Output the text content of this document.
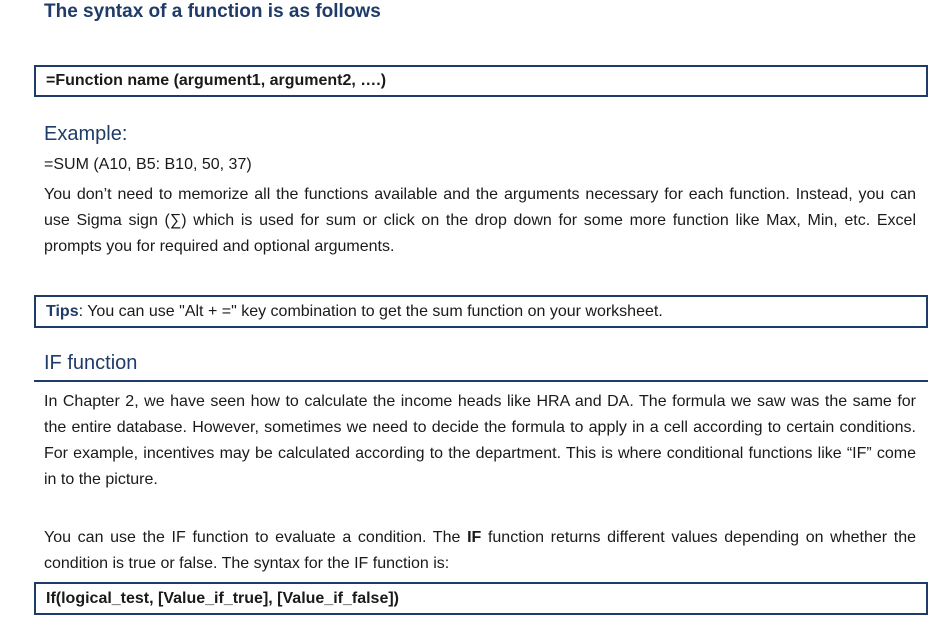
The syntax of a function is as follows
=Function name (argument1, argument2, ….)
Example:
=SUM (A10, B5: B10, 50, 37)
You don’t need to memorize all the functions available and the arguments necessary for each function. Instead, you can use Sigma sign (∑) which is used for sum or click on the drop down for some more function like Max, Min, etc. Excel prompts you for required and optional arguments.
Tips : You can use "Alt + =" key combination to get the sum function on your worksheet.
IF function
In Chapter 2, we have seen how to calculate the income heads like HRA and DA. The formula we saw was the same for the entire database. However, sometimes we need to decide the formula to apply in a cell according to certain conditions. For example, incentives may be calculated according to the department. This is where conditional functions like “IF” come in to the picture.
You can use the IF function to evaluate a condition. The IF function returns different values depending on whether the condition is true or false. The syntax for the IF function is:
If(logical_test, [Value_if_true], [Value_if_false])
